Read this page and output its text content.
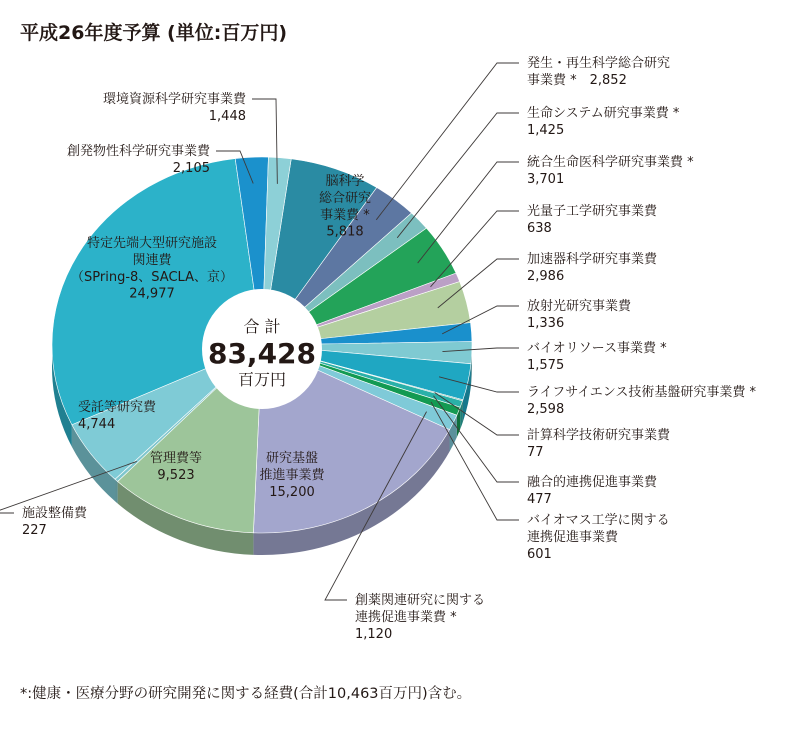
平成26年度予算 (単位:百万円)
脳科学総合研究事業費 * 5,818
発生・再生科学総合研究事業費 *　2,852
生命システム研究事業費 * 1,425
統合生命医科学研究事業費 * 3,701
光量子工学研究事業費 638
加速器科学研究事業費 2,986
放射光研究事業費 1,336
バイオリソース事業費 * 1,575
ライフサイエンス技術基盤研究事業費 * 2,598
計算科学技術研究事業費 77
融合的連携促進事業費 477
バイオマス工学に関する連携促進事業費 601
創薬関連研究に関する連携促進事業費 * 1,120
研究基盤推進事業費 15,200
管理費等 9,523
施設整備費 227
受託等研究費 4,744
特定先端大型研究施設関連費（SPring-8、SACLA、京） 24,977
創発物性科学研究事業費 2,105
環境資源科学研究事業費 1,448
合 計
83,428
百万円

*:健康・医療分野の研究開発に関する経費(合計10,463百万円)含む。
